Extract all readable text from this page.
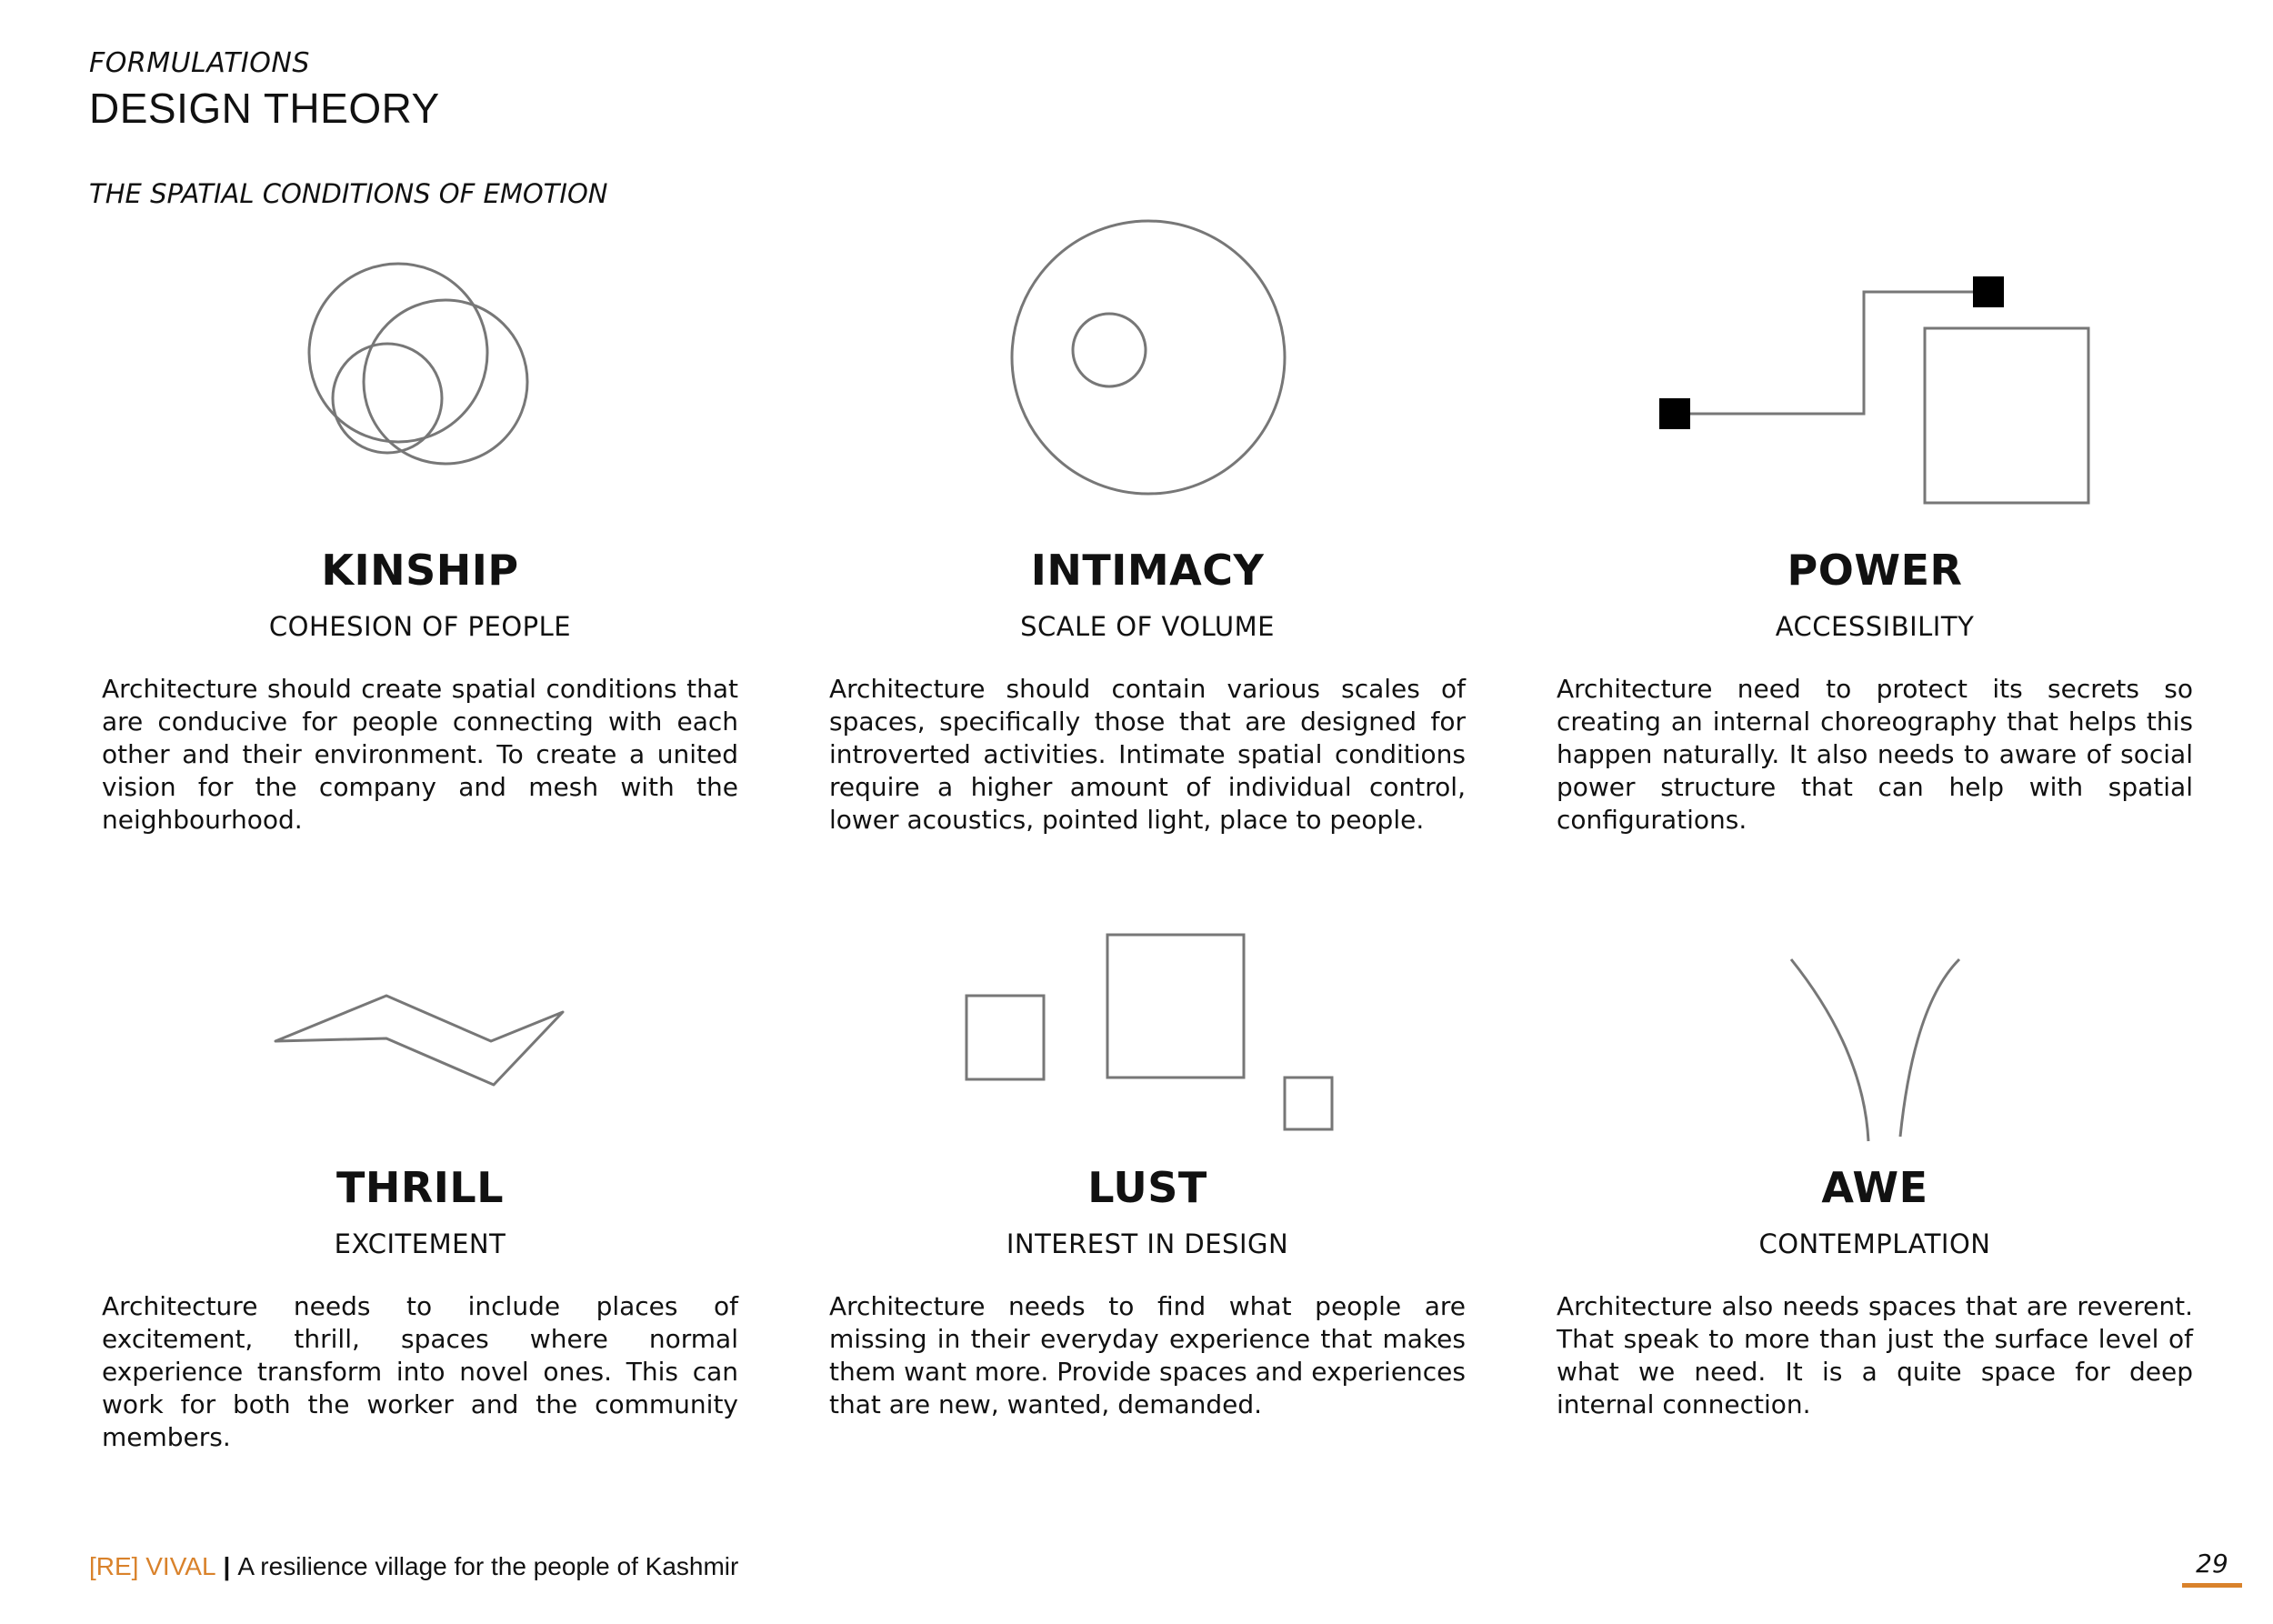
FORMULATIONS
DESIGN THEORY
THE SPATIAL CONDITIONS OF EMOTION
KINSHIP
COHESION OF PEOPLE
Architecture should create spatial conditions that are conducive for people connecting with each other and their environment. To create a united vision for the company and mesh with the neighbourhood.
INTIMACY
SCALE OF VOLUME
Architecture should contain various scales of spaces, specifically those that are designed for introverted activities. Intimate spatial conditions require a higher amount of individual control, lower acoustics, pointed light, place to people.
POWER
ACCESSIBILITY
Architecture need to protect its secrets so creating an internal choreography that helps this happen naturally. It also needs to aware of social power structure that can help with spatial configurations.
THRILL
EXCITEMENT
Architecture needs to include places of excitement, thrill, spaces where normal experience transform into novel ones. This can work for both the worker and the community members.
LUST
INTEREST IN DESIGN
Architecture needs to find what people are missing in their everyday experience that makes them want more. Provide spaces and experiences that are new, wanted, demanded.
AWE
CONTEMPLATION
Architecture also needs spaces that are reverent. That speak to more than just the surface level of what we need. It is a quite space for deep internal connection.
[RE] VIVAL | A resilience village for the people of Kashmir	29
